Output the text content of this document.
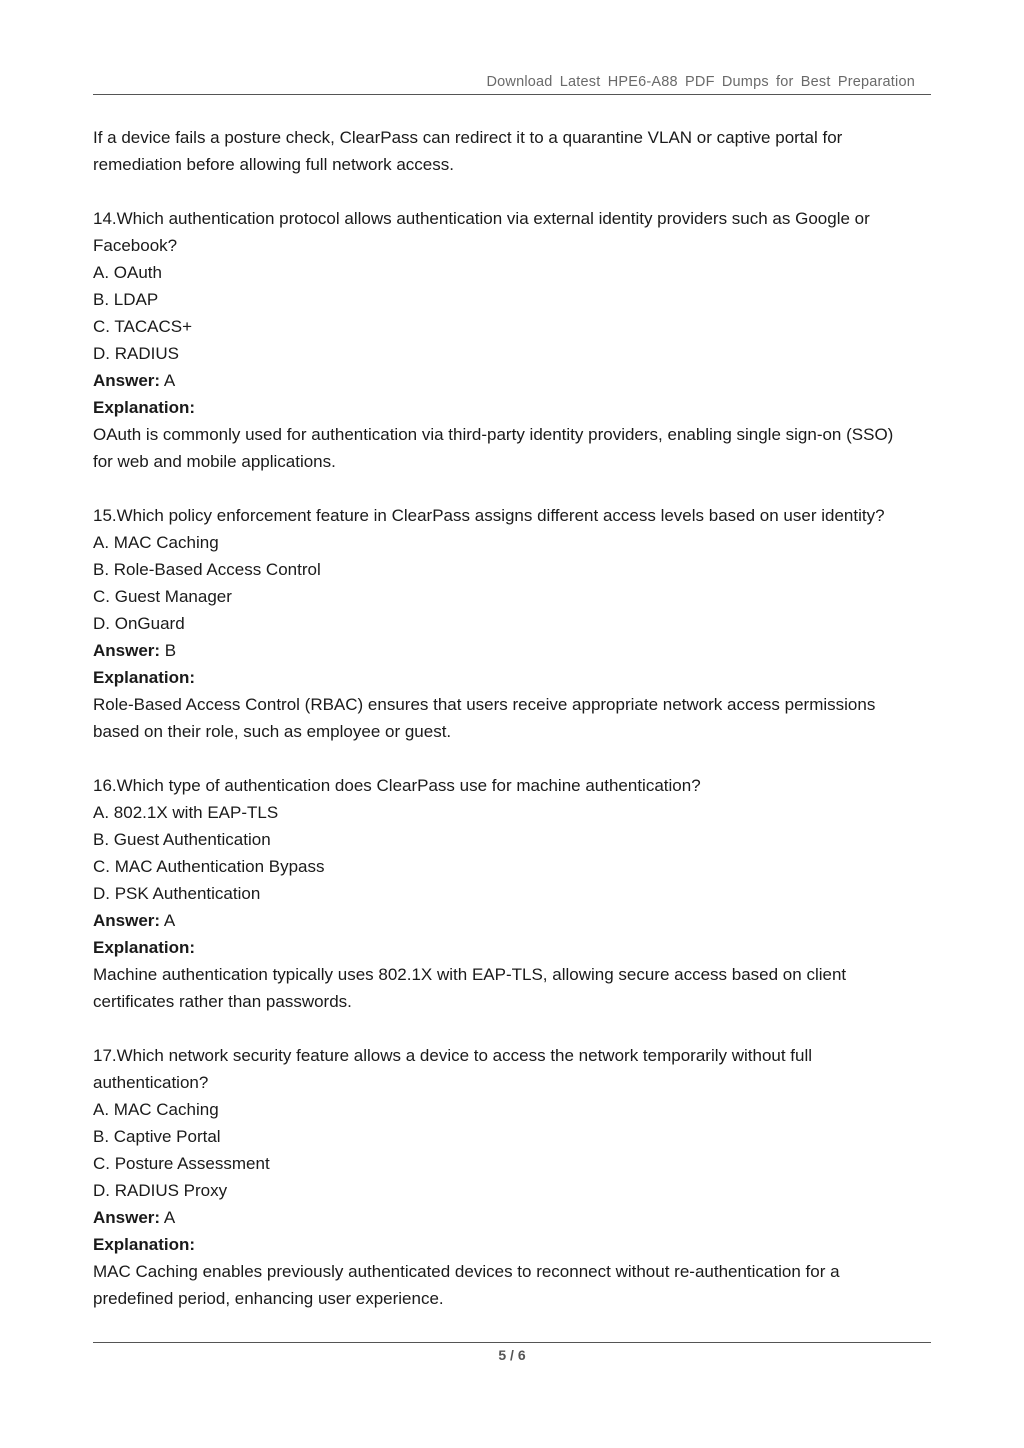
Download Latest HPE6-A88 PDF Dumps for Best Preparation

If a device fails a posture check, ClearPass can redirect it to a quarantine VLAN or captive portal for

remediation before allowing full network access.

14.Which authentication protocol allows authentication via external identity providers such as Google or

Facebook?

A. OAuth

B. LDAP

C. TACACS+

D. RADIUS

Answer: A

Explanation:

OAuth is commonly used for authentication via third-party identity providers, enabling single sign-on (SSO)

for web and mobile applications.

15.Which policy enforcement feature in ClearPass assigns different access levels based on user identity?

A. MAC Caching

B. Role-Based Access Control

C. Guest Manager

D. OnGuard

Answer: B

Explanation:

Role-Based Access Control (RBAC) ensures that users receive appropriate network access permissions

based on their role, such as employee or guest.

16.Which type of authentication does ClearPass use for machine authentication?

A. 802.1X with EAP-TLS

B. Guest Authentication

C. MAC Authentication Bypass

D. PSK Authentication

Answer: A

Explanation:

Machine authentication typically uses 802.1X with EAP-TLS, allowing secure access based on client

certificates rather than passwords.

17.Which network security feature allows a device to access the network temporarily without full

authentication?

A. MAC Caching

B. Captive Portal

C. Posture Assessment

D. RADIUS Proxy

Answer: A

Explanation:

MAC Caching enables previously authenticated devices to reconnect without re-authentication for a

predefined period, enhancing user experience.

5 / 6
